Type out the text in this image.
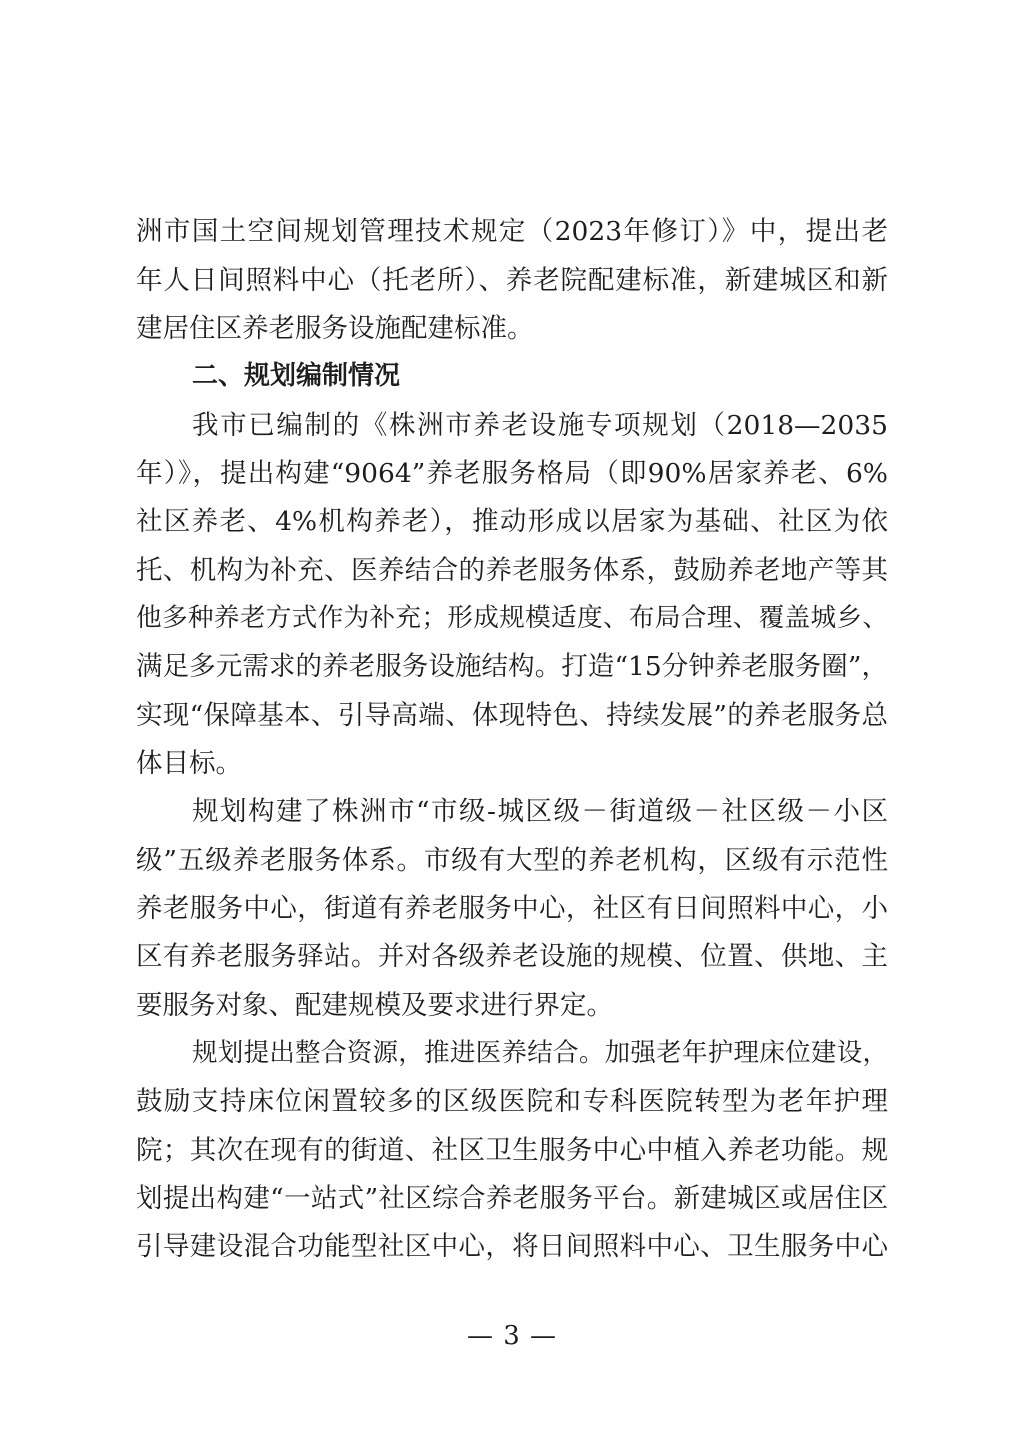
洲市国土空间规划管理技术规定（2023年修订）》中，提出老
年人日间照料中心（托老所）、养老院配建标准，新建城区和新
建居住区养老服务设施配建标准。
二、规划编制情况
我市已编制的《株洲市养老设施专项规划（2018—2035
年）》，提出构建“9064”养老服务格局（即90%居家养老、6%
社区养老、4%机构养老），推动形成以居家为基础、社区为依
托、机构为补充、医养结合的养老服务体系，鼓励养老地产等其
他多种养老方式作为补充；形成规模适度、布局合理、覆盖城乡、
满足多元需求的养老服务设施结构。打造“15分钟养老服务圈”，
实现“保障基本、引导高端、体现特色、持续发展”的养老服务总
体目标。
规划构建了株洲市“市级-城区级－街道级－社区级－小区
级”五级养老服务体系。市级有大型的养老机构，区级有示范性
养老服务中心，街道有养老服务中心，社区有日间照料中心，小
区有养老服务驿站。并对各级养老设施的规模、位置、供地、主
要服务对象、配建规模及要求进行界定。
规划提出整合资源，推进医养结合。加强老年护理床位建设，
鼓励支持床位闲置较多的区级医院和专科医院转型为老年护理
院；其次在现有的街道、社区卫生服务中心中植入养老功能。规
划提出构建“一站式”社区综合养老服务平台。新建城区或居住区
引导建设混合功能型社区中心，将日间照料中心、卫生服务中心
— 3 —
